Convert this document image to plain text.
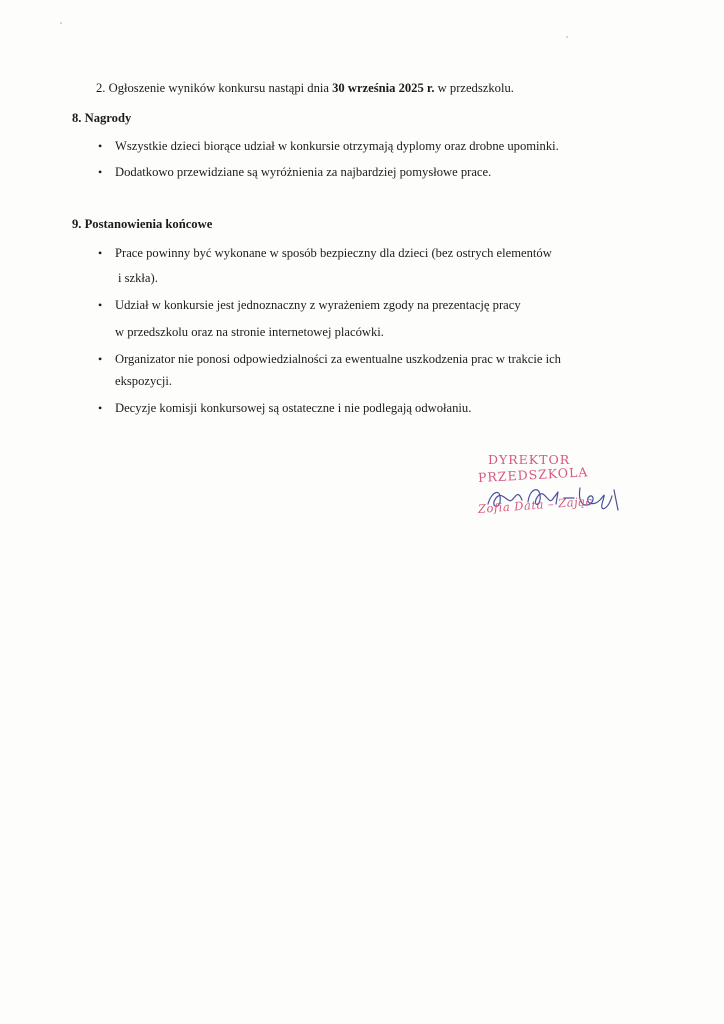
2. Ogłoszenie wyników konkursu nastąpi dnia 30 września 2025 r. w przedszkolu.
8. Nagrody
• Wszystkie dzieci biorące udział w konkursie otrzymają dyplomy oraz drobne upominki.
• Dodatkowo przewidziane są wyróżnienia za najbardziej pomysłowe prace.
9. Postanowienia końcowe
• Prace powinny być wykonane w sposób bezpieczny dla dzieci (bez ostrych elementów
i szkła).
• Udział w konkursie jest jednoznaczny z wyrażeniem zgody na prezentację pracy
w przedszkolu oraz na stronie internetowej placówki.
• Organizator nie ponosi odpowiedzialności za ewentualne uszkodzenia prac w trakcie ich
ekspozycji.
• Decyzje komisji konkursowej są ostateczne i nie podlegają odwołaniu.
DYREKTOR
PRZEDSZKOLA
Zofia Data – Zając
